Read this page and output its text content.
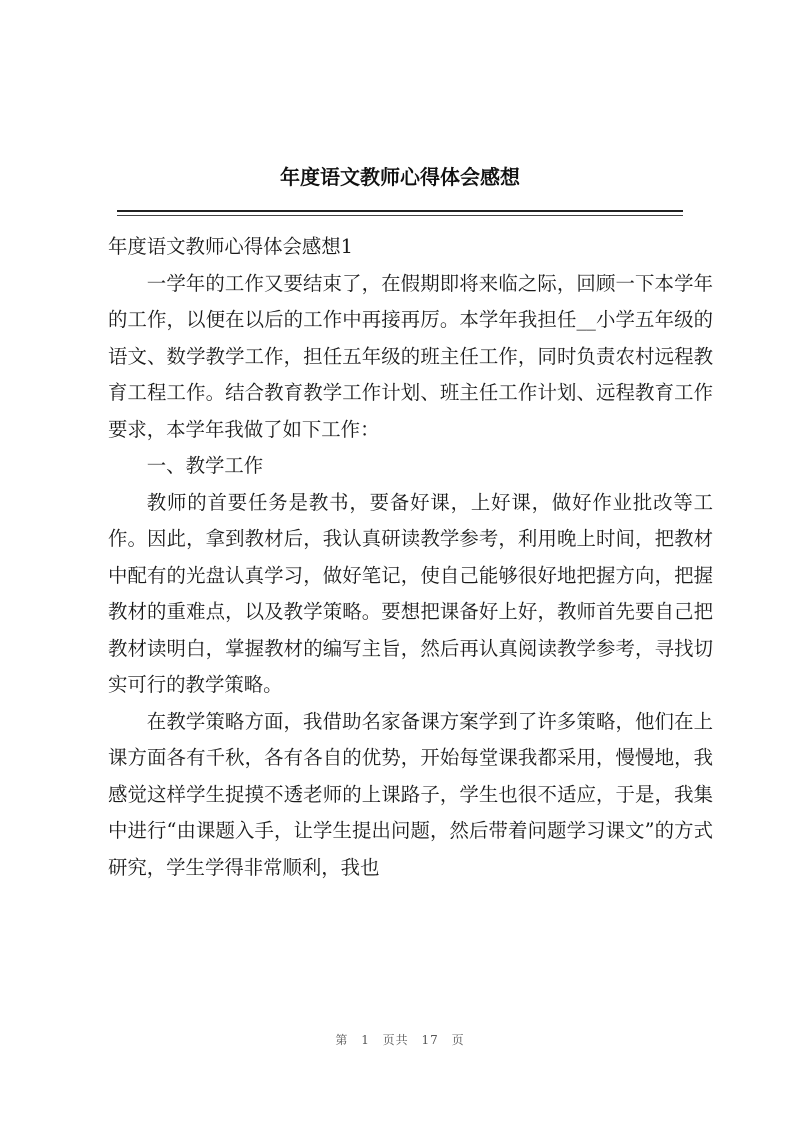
年度语文教师心得体会感想

年度语文教师心得体会感想1

一学年的工作又要结束了，在假期即将来临之际，回顾一下本学年的工作，以便在以后的工作中再接再厉。本学年我担任__小学五年级的语文、数学教学工作，担任五年级的班主任工作，同时负责农村远程教育工程工作。结合教育教学工作计划、班主任工作计划、远程教育工作要求，本学年我做了如下工作：

一、教学工作

教师的首要任务是教书，要备好课，上好课，做好作业批改等工作。因此，拿到教材后，我认真研读教学参考，利用晚上时间，把教材中配有的光盘认真学习，做好笔记，使自己能够很好地把握方向，把握教材的重难点，以及教学策略。要想把课备好上好，教师首先要自己把教材读明白，掌握教材的编写主旨，然后再认真阅读教学参考，寻找切实可行的教学策略。

在教学策略方面，我借助名家备课方案学到了许多策略，他们在上课方面各有千秋，各有各自的优势，开始每堂课我都采用，慢慢地，我感觉这样学生捉摸不透老师的上课路子，学生也很不适应，于是，我集中进行“由课题入手，让学生提出问题，然后带着问题学习课文”的方式研究，学生学得非常顺利，我也

第 1 页共 17 页
